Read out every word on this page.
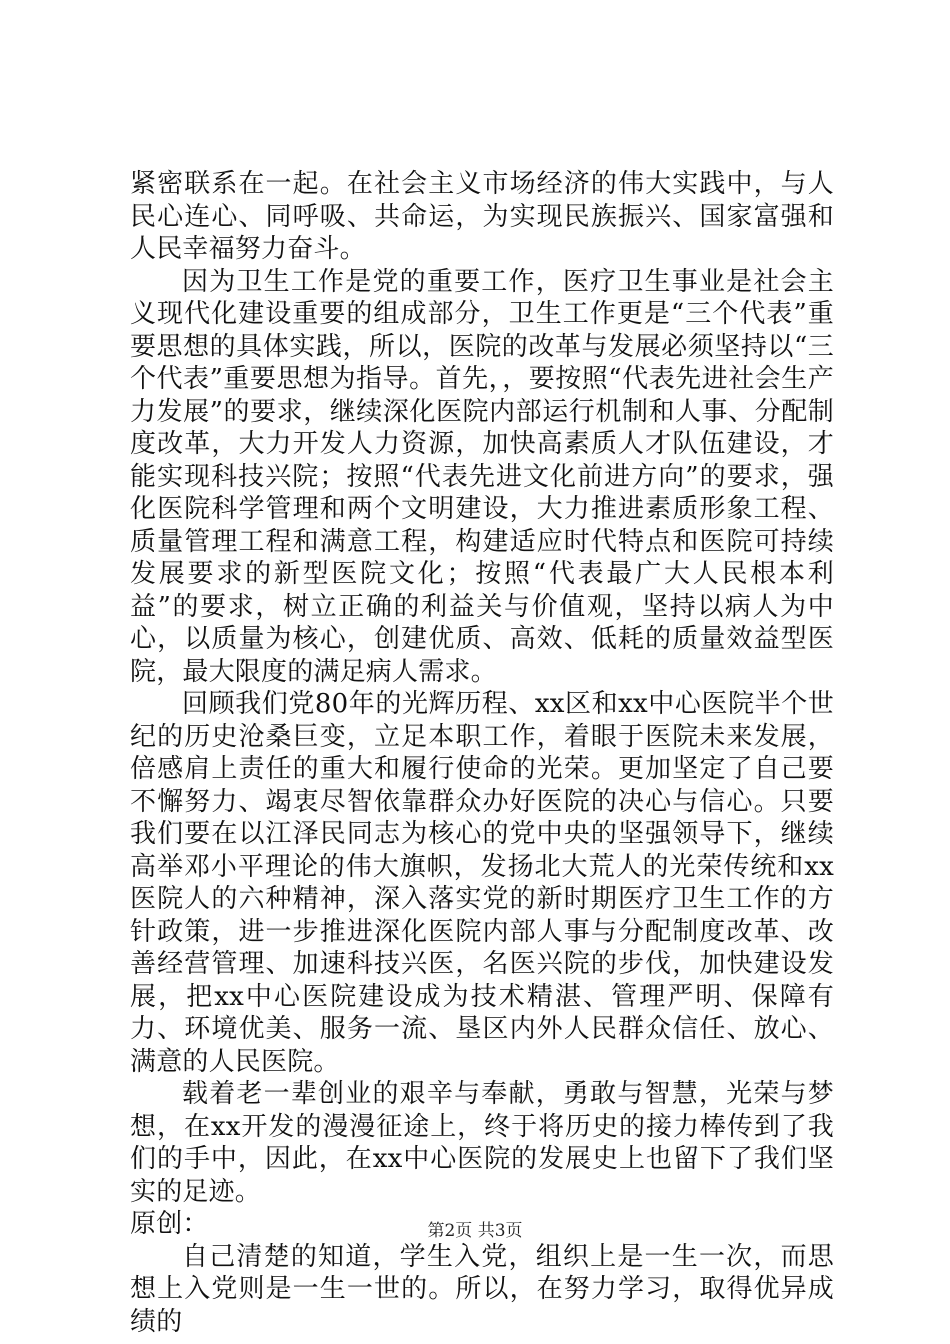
紧密联系在一起。在社会主义市场经济的伟大实践中，与人民心连心、同呼吸、共命运，为实现民族振兴、国家富强和人民幸福努力奋斗。

因为卫生工作是党的重要工作，医疗卫生事业是社会主义现代化建设重要的组成部分，卫生工作更是“三个代表”重要思想的具体实践，所以，医院的改革与发展必须坚持以“三个代表”重要思想为指导。首先，，要按照“代表先进社会生产力发展”的要求，继续深化医院内部运行机制和人事、分配制度改革，大力开发人力资源，加快高素质人才队伍建设，才能实现科技兴院；按照“代表先进文化前进方向”的要求，强化医院科学管理和两个文明建设，大力推进素质形象工程、质量管理工程和满意工程，构建适应时代特点和医院可持续发展要求的新型医院文化；按照“代表最广大人民根本利益”的要求，树立正确的利益关与价值观，坚持以病人为中心，以质量为核心，创建优质、高效、低耗的质量效益型医院，最大限度的满足病人需求。

回顾我们党80年的光辉历程、xx区和xx中心医院半个世纪的历史沧桑巨变，立足本职工作，着眼于医院未来发展，倍感肩上责任的重大和履行使命的光荣。更加坚定了自己要不懈努力、竭衷尽智依靠群众办好医院的决心与信心。只要我们要在以江泽民同志为核心的党中央的坚强领导下，继续高举邓小平理论的伟大旗帜，发扬北大荒人的光荣传统和xx医院人的六种精神，深入落实党的新时期医疗卫生工作的方针政策，进一步推进深化医院内部人事与分配制度改革、改善经营管理、加速科技兴医，名医兴院的步伐，加快建设发展，把xx中心医院建设成为技术精湛、管理严明、保障有力、环境优美、服务一流、垦区内外人民群众信任、放心、满意的人民医院。

载着老一辈创业的艰辛与奉献，勇敢与智慧，光荣与梦想，在xx开发的漫漫征途上，终于将历史的接力棒传到了我们的手中，因此，在xx中心医院的发展史上也留下了我们坚实的足迹。

原创：

自己清楚的知道，学生入党，组织上是一生一次，而思想上入党则是一生一世的。所以，在努力学习，取得优异成绩的

第2页 共3页
